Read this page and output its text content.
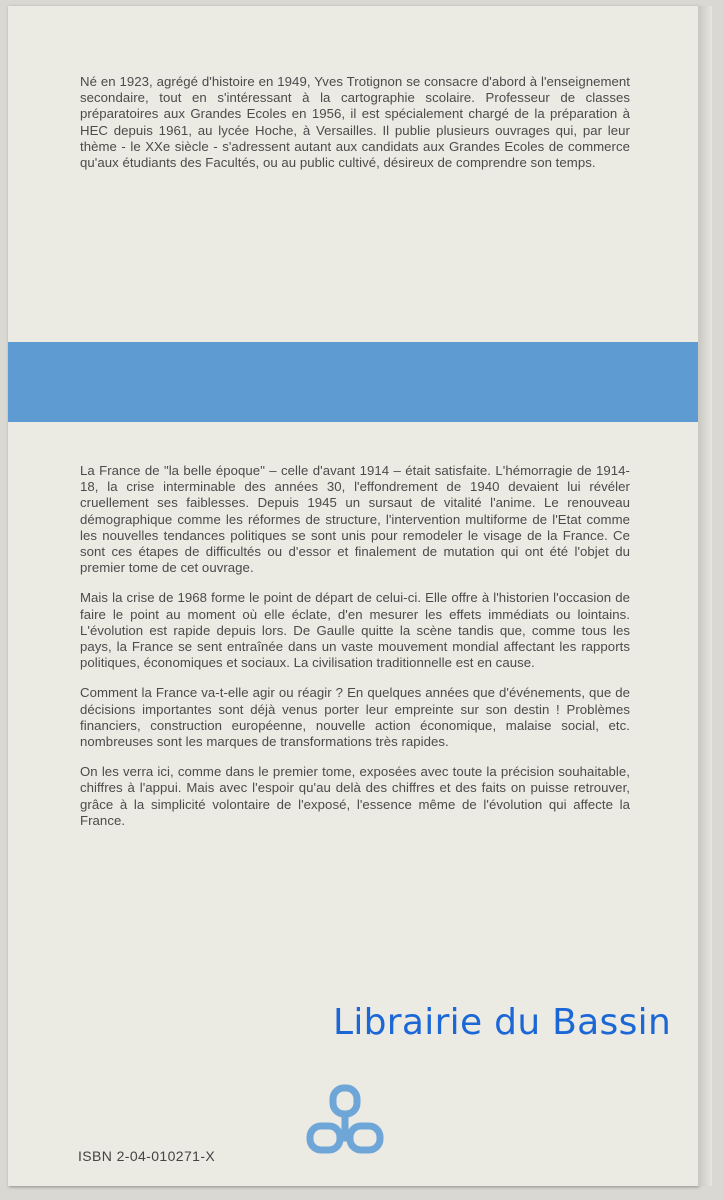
Né en 1923, agrégé d'histoire en 1949, Yves Trotignon se consacre d'abord à l'enseignement secondaire, tout en s'intéressant à la cartographie scolaire. Professeur de classes préparatoires aux Grandes Ecoles en 1956, il est spécialement chargé de la préparation à HEC depuis 1961, au lycée Hoche, à Versailles. Il publie plusieurs ouvrages qui, par leur thème - le XXe siècle - s'adressent autant aux candidats aux Grandes Ecoles de commerce qu'aux étudiants des Facultés, ou au public cultivé, désireux de comprendre son temps.

La France de "la belle époque" – celle d'avant 1914 – était satisfaite. L'hémorragie de 1914-18, la crise interminable des années 30, l'effondrement de 1940 devaient lui révéler cruellement ses faiblesses. Depuis 1945 un sursaut de vitalité l'anime. Le renouveau démographique comme les réformes de structure, l'intervention multiforme de l'Etat comme les nouvelles tendances politiques se sont unis pour remodeler le visage de la France. Ce sont ces étapes de difficultés ou d'essor et finalement de mutation qui ont été l'objet du premier tome de cet ouvrage.

Mais la crise de 1968 forme le point de départ de celui-ci. Elle offre à l'historien l'occasion de faire le point au moment où elle éclate, d'en mesurer les effets immédiats ou lointains. L'évolution est rapide depuis lors. De Gaulle quitte la scène tandis que, comme tous les pays, la France se sent entraînée dans un vaste mouvement mondial affectant les rapports politiques, économiques et sociaux. La civilisation traditionnelle est en cause.

Comment la France va-t-elle agir ou réagir ? En quelques années que d'événements, que de décisions importantes sont déjà venus porter leur empreinte sur son destin ! Problèmes financiers, construction européenne, nouvelle action économique, malaise social, etc. nombreuses sont les marques de transformations très rapides.

On les verra ici, comme dans le premier tome, exposées avec toute la précision souhaitable, chiffres à l'appui. Mais avec l'espoir qu'au delà des chiffres et des faits on puisse retrouver, grâce à la simplicité volontaire de l'exposé, l'essence même de l'évolution qui affecte la France.

Librairie du Bassin
ISBN 2-04-010271-X
